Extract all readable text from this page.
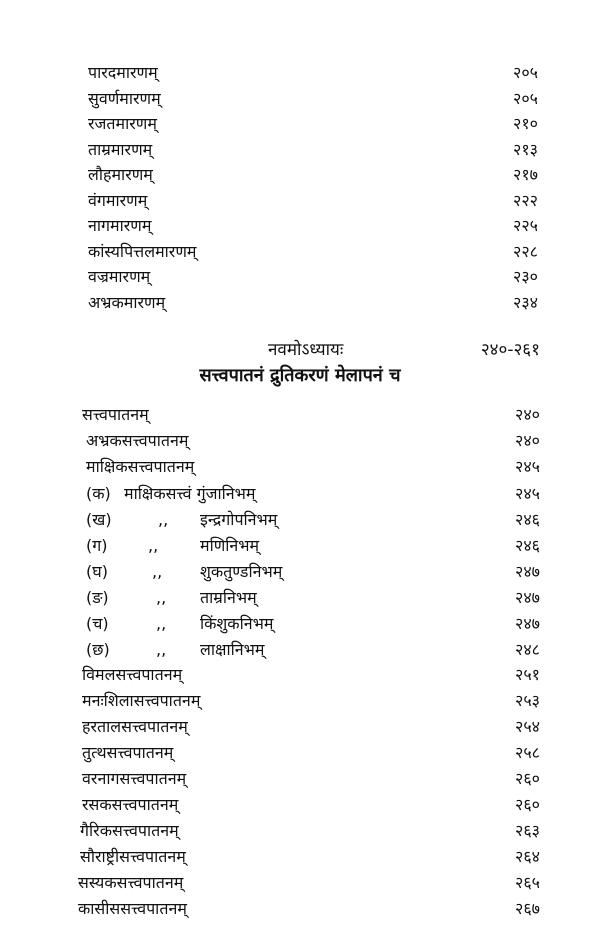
पारदमारणम्	२०५
सुवर्णमारणम्	२०५
रजतमारणम्	२१०
ताम्रमारणम्	२१३
लौहमारणम्	२१७
वंगमारणम्	२२२
नागमारणम्	२२५
कांस्यपित्तलमारणम्	२२८
वज्रमारणम्	२३०
अभ्रकमारणम्	२३४
नवमोऽध्यायः	२४०-२६१
सत्त्वपातनं द्रुतिकरणं मेलापनं च
सत्त्वपातनम्	२४०
अभ्रकसत्त्वपातनम्	२४०
माक्षिकसत्त्वपातनम्	२४५
(क) माक्षिकसत्त्वं गुंजानिभम्	२४५
(ख)	,, इन्द्रगोपनिभम्	२४६
(ग)	,,	मणिनिभम्	२४६
(घ)	,, शुकतुण्डनिभम्	२४७
(ङ)	,, ताम्रनिभम्	२४७
(च)	,, किंशुकनिभम्	२४७
(छ)	,, लाक्षानिभम्	२४८
विमलसत्त्वपातनम्	२५१
मनःशिलासत्त्वपातनम्	२५३
हरतालसत्त्वपातनम्	२५४
तुत्थसत्त्वपातनम्	२५८
वरनागसत्त्वपातनम्	२६०
रसकसत्त्वपातनम्	२६०
गैरिकसत्त्वपातनम्	२६३
सौराष्ट्रीसत्त्वपातनम्	२६४
सस्यकसत्त्वपातनम्	२६५
कासीससत्त्वपातनम्	२६७
